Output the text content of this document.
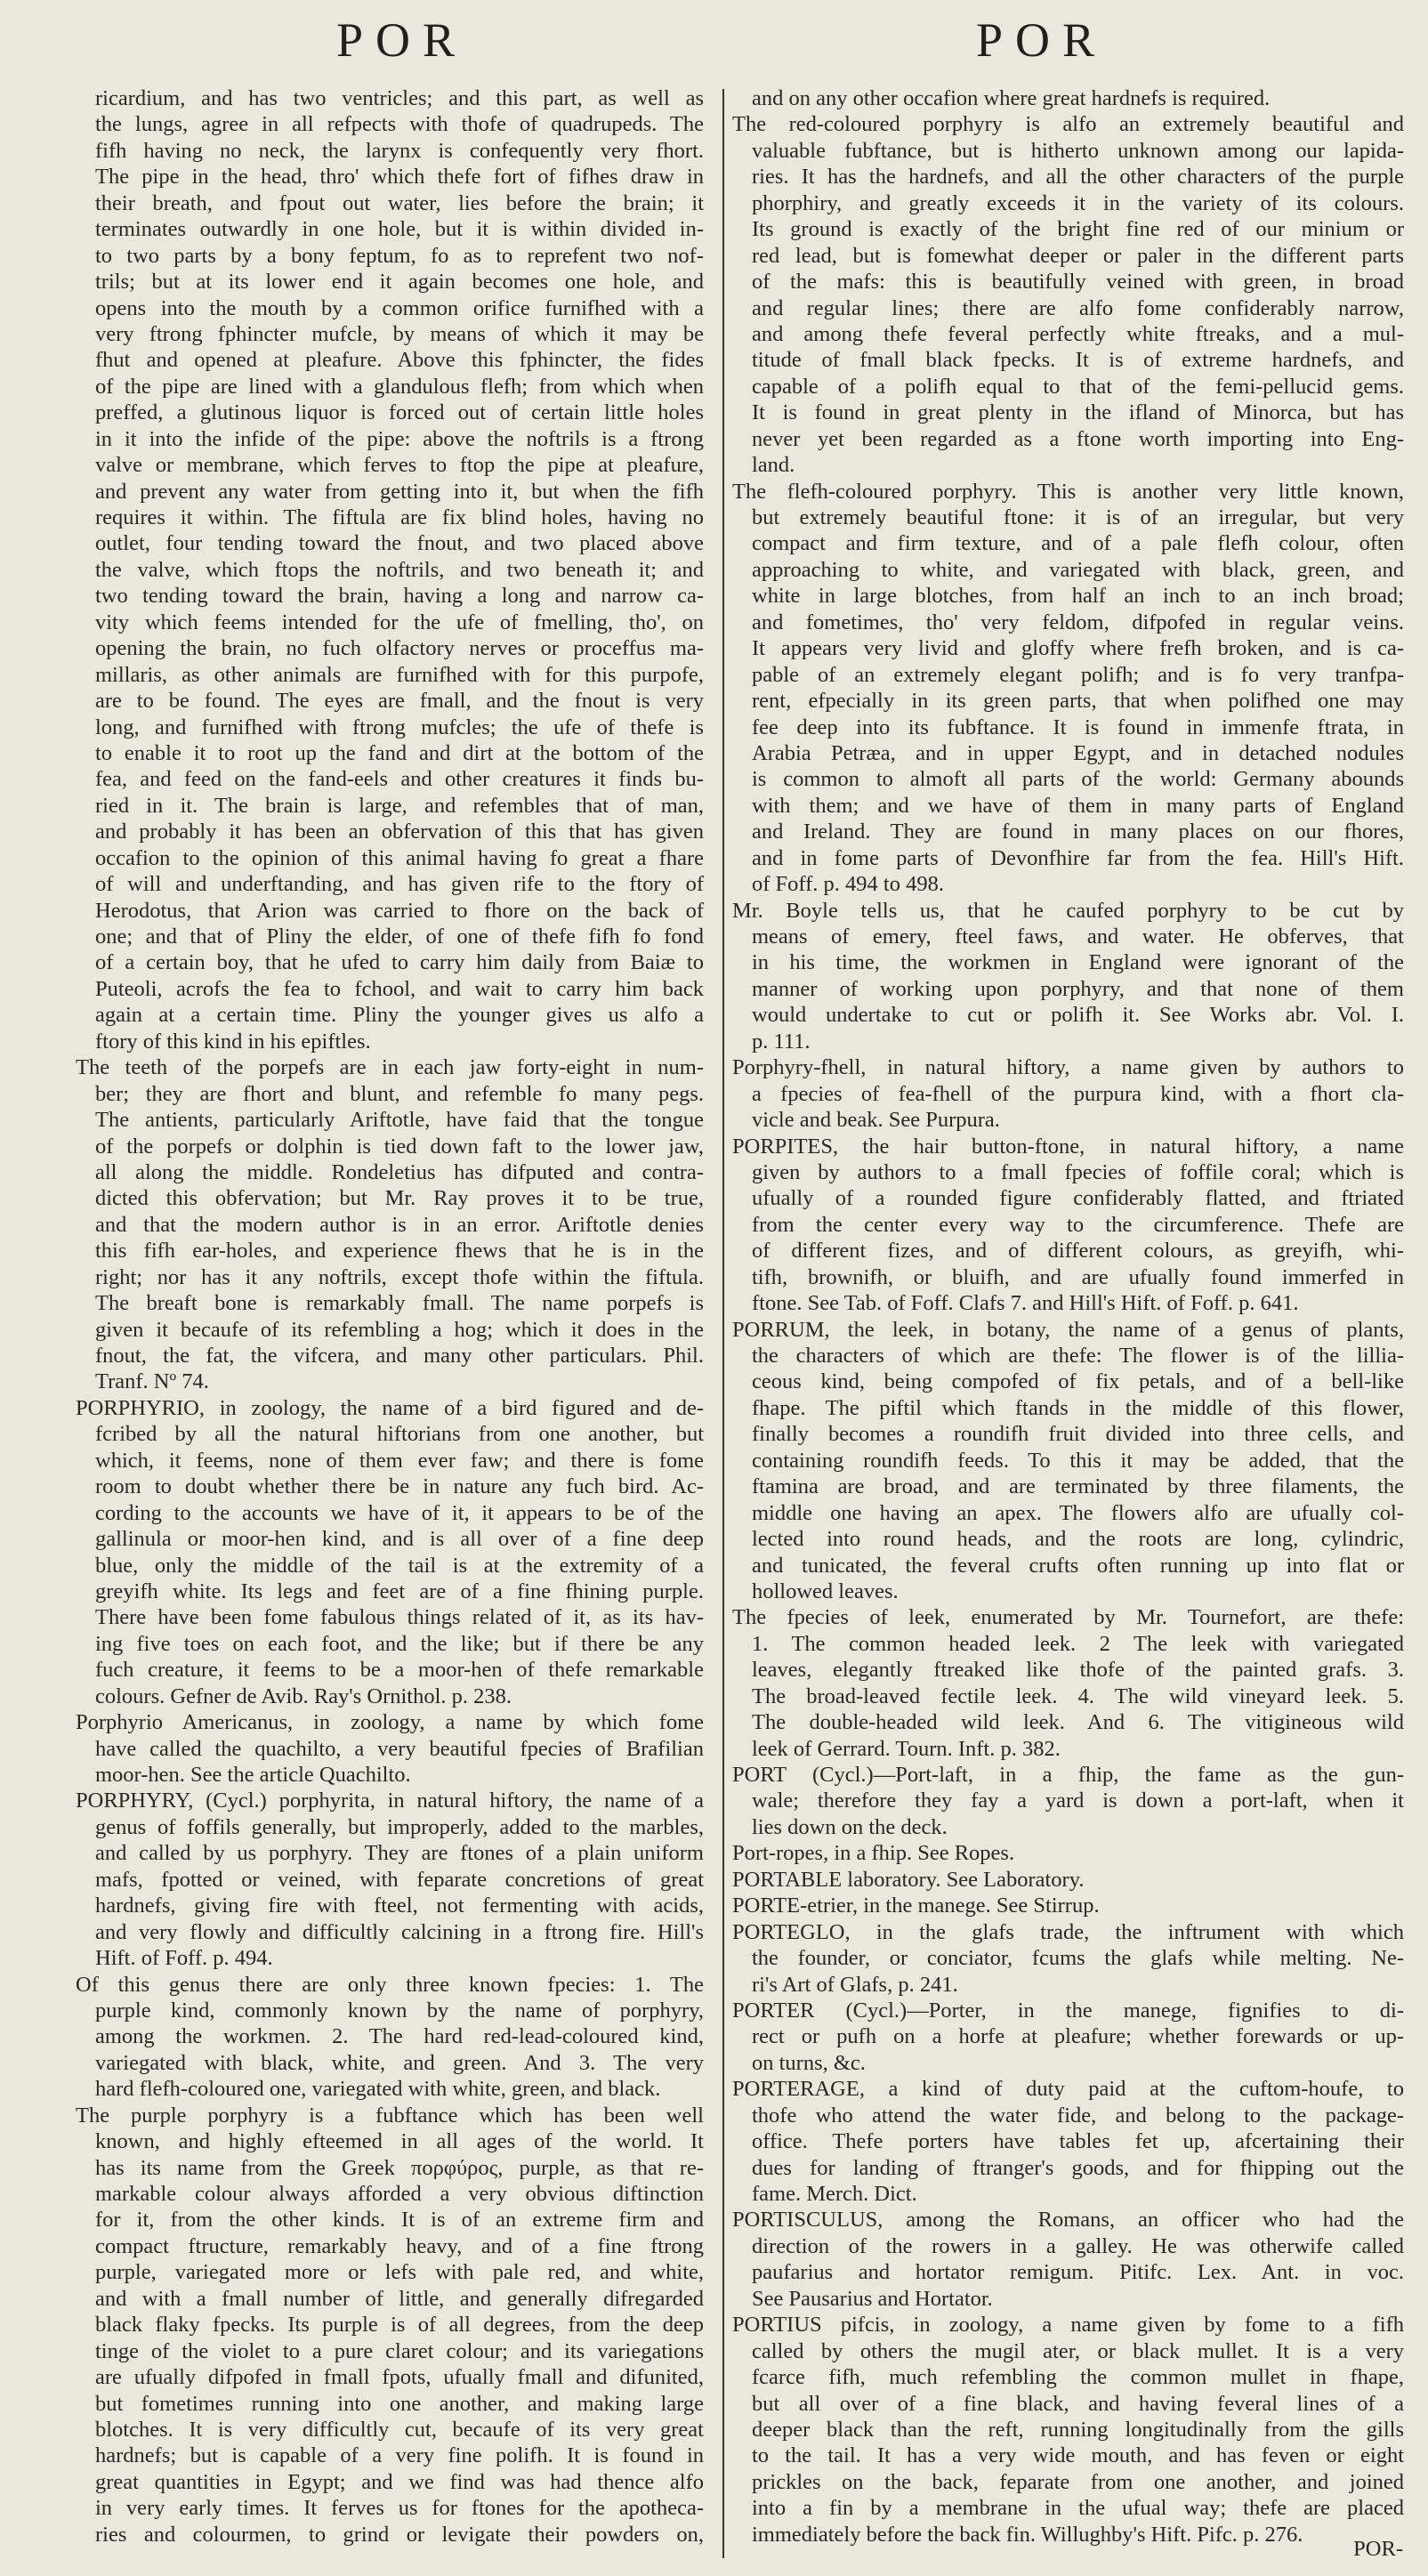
POR	POR
ricardium, and has two ventricles; and this part, as well as
the lungs, agree in all refpects with thofe of quadrupeds. The
fifh having no neck, the larynx is confequently very fhort.
The pipe in the head, thro' which thefe fort of fifhes draw in
their breath, and fpout out water, lies before the brain; it
terminates outwardly in one hole, but it is within divided in-
to two parts by a bony feptum, fo as to reprefent two nof-
trils; but at its lower end it again becomes one hole, and
opens into the mouth by a common orifice furnifhed with a
very ftrong fphincter mufcle, by means of which it may be
fhut and opened at pleafure. Above this fphincter, the fides
of the pipe are lined with a glandulous flefh; from which when
preffed, a glutinous liquor is forced out of certain little holes
in it into the infide of the pipe: above the noftrils is a ftrong
valve or membrane, which ferves to ftop the pipe at pleafure,
and prevent any water from getting into it, but when the fifh
requires it within. The fiftula are fix blind holes, having no
outlet, four tending toward the fnout, and two placed above
the valve, which ftops the noftrils, and two beneath it; and
two tending toward the brain, having a long and narrow ca-
vity which feems intended for the ufe of fmelling, tho', on
opening the brain, no fuch olfactory nerves or proceffus ma-
millaris, as other animals are furnifhed with for this purpofe,
are to be found. The eyes are fmall, and the fnout is very
long, and furnifhed with ftrong mufcles; the ufe of thefe is
to enable it to root up the fand and dirt at the bottom of the
fea, and feed on the fand-eels and other creatures it finds bu-
ried in it. The brain is large, and refembles that of man,
and probably it has been an obfervation of this that has given
occafion to the opinion of this animal having fo great a fhare
of will and underftanding, and has given rife to the ftory of
Herodotus, that Arion was carried to fhore on the back of
one; and that of Pliny the elder, of one of thefe fifh fo fond
of a certain boy, that he ufed to carry him daily from Baiæ to
Puteoli, acrofs the fea to fchool, and wait to carry him back
again at a certain time. Pliny the younger gives us alfo a
ftory of this kind in his epiftles.
The teeth of the porpefs are in each jaw forty-eight in num-
ber; they are fhort and blunt, and refemble fo many pegs.
The antients, particularly Ariftotle, have faid that the tongue
of the porpefs or dolphin is tied down faft to the lower jaw,
all along the middle. Rondeletius has difputed and contra-
dicted this obfervation; but Mr. Ray proves it to be true,
and that the modern author is in an error. Ariftotle denies
this fifh ear-holes, and experience fhews that he is in the
right; nor has it any noftrils, except thofe within the fiftula.
The breaft bone is remarkably fmall. The name porpefs is
given it becaufe of its refembling a hog; which it does in the
fnout, the fat, the vifcera, and many other particulars. Phil.
Tranf. Nº 74.
PORPHYRIO, in zoology, the name of a bird figured and de-
fcribed by all the natural hiftorians from one another, but
which, it feems, none of them ever faw; and there is fome
room to doubt whether there be in nature any fuch bird. Ac-
cording to the accounts we have of it, it appears to be of the
gallinula or moor-hen kind, and is all over of a fine deep
blue, only the middle of the tail is at the extremity of a
greyifh white. Its legs and feet are of a fine fhining purple.
There have been fome fabulous things related of it, as its hav-
ing five toes on each foot, and the like; but if there be any
fuch creature, it feems to be a moor-hen of thefe remarkable
colours. Gefner de Avib. Ray's Ornithol. p. 238.
Porphyrio Americanus, in zoology, a name by which fome
have called the quachilto, a very beautiful fpecies of Brafilian
moor-hen. See the article Quachilto.
PORPHYRY, (Cycl.) porphyrita, in natural hiftory, the name of a
genus of foffils generally, but improperly, added to the marbles,
and called by us porphyry. They are ftones of a plain uniform
mafs, fpotted or veined, with feparate concretions of great
hardnefs, giving fire with fteel, not fermenting with acids,
and very flowly and difficultly calcining in a ftrong fire. Hill's
Hift. of Foff. p. 494.
Of this genus there are only three known fpecies: 1. The
purple kind, commonly known by the name of porphyry,
among the workmen. 2. The hard red-lead-coloured kind,
variegated with black, white, and green. And 3. The very
hard flefh-coloured one, variegated with white, green, and black.
The purple porphyry is a fubftance which has been well
known, and highly efteemed in all ages of the world. It
has its name from the Greek πορφύρος, purple, as that re-
markable colour always afforded a very obvious diftinction
for it, from the other kinds. It is of an extreme firm and
compact ftructure, remarkably heavy, and of a fine ftrong
purple, variegated more or lefs with pale red, and white,
and with a fmall number of little, and generally difregarded
black flaky fpecks. Its purple is of all degrees, from the deep
tinge of the violet to a pure claret colour; and its variegations
are ufually difpofed in fmall fpots, ufually fmall and difunited,
but fometimes running into one another, and making large
blotches. It is very difficultly cut, becaufe of its very great
hardnefs; but is capable of a very fine polifh. It is found in
great quantities in Egypt; and we find was had thence alfo
in very early times. It ferves us for ftones for the apotheca-
ries and colourmen, to grind or levigate their powders on,
and on any other occafion where great hardnefs is required.
The red-coloured porphyry is alfo an extremely beautiful and
valuable fubftance, but is hitherto unknown among our lapida-
ries. It has the hardnefs, and all the other characters of the purple
phorphiry, and greatly exceeds it in the variety of its colours.
Its ground is exactly of the bright fine red of our minium or
red lead, but is fomewhat deeper or paler in the different parts
of the mafs: this is beautifully veined with green, in broad
and regular lines; there are alfo fome confiderably narrow,
and among thefe feveral perfectly white ftreaks, and a mul-
titude of fmall black fpecks. It is of extreme hardnefs, and
capable of a polifh equal to that of the femi-pellucid gems.
It is found in great plenty in the ifland of Minorca, but has
never yet been regarded as a ftone worth importing into Eng-
land.
The flefh-coloured porphyry. This is another very little known,
but extremely beautiful ftone: it is of an irregular, but very
compact and firm texture, and of a pale flefh colour, often
approaching to white, and variegated with black, green, and
white in large blotches, from half an inch to an inch broad;
and fometimes, tho' very feldom, difpofed in regular veins.
It appears very livid and gloffy where frefh broken, and is ca-
pable of an extremely elegant polifh; and is fo very tranfpa-
rent, efpecially in its green parts, that when polifhed one may
fee deep into its fubftance. It is found in immenfe ftrata, in
Arabia Petræa, and in upper Egypt, and in detached nodules
is common to almoft all parts of the world: Germany abounds
with them; and we have of them in many parts of England
and Ireland. They are found in many places on our fhores,
and in fome parts of Devonfhire far from the fea. Hill's Hift.
of Foff. p. 494 to 498.
Mr. Boyle tells us, that he caufed porphyry to be cut by
means of emery, fteel faws, and water. He obferves, that
in his time, the workmen in England were ignorant of the
manner of working upon porphyry, and that none of them
would undertake to cut or polifh it. See Works abr. Vol. I.
p. 111.
Porphyry-fhell, in natural hiftory, a name given by authors to
a fpecies of fea-fhell of the purpura kind, with a fhort cla-
vicle and beak. See Purpura.
PORPITES, the hair button-ftone, in natural hiftory, a name
given by authors to a fmall fpecies of foffile coral; which is
ufually of a rounded figure confiderably flatted, and ftriated
from the center every way to the circumference. Thefe are
of different fizes, and of different colours, as greyifh, whi-
tifh, brownifh, or bluifh, and are ufually found immerfed in
ftone. See Tab. of Foff. Clafs 7. and Hill's Hift. of Foff. p. 641.
PORRUM, the leek, in botany, the name of a genus of plants,
the characters of which are thefe: The flower is of the lillia-
ceous kind, being compofed of fix petals, and of a bell-like
fhape. The piftil which ftands in the middle of this flower,
finally becomes a roundifh fruit divided into three cells, and
containing roundifh feeds. To this it may be added, that the
ftamina are broad, and are terminated by three filaments, the
middle one having an apex. The flowers alfo are ufually col-
lected into round heads, and the roots are long, cylindric,
and tunicated, the feveral crufts often running up into flat or
hollowed leaves.
The fpecies of leek, enumerated by Mr. Tournefort, are thefe:
1. The common headed leek. 2 The leek with variegated
leaves, elegantly ftreaked like thofe of the painted grafs. 3.
The broad-leaved fectile leek. 4. The wild vineyard leek. 5.
The double-headed wild leek. And 6. The vitigineous wild
leek of Gerrard. Tourn. Inft. p. 382.
PORT (Cycl.)—Port-laft, in a fhip, the fame as the gun-
wale; therefore they fay a yard is down a port-laft, when it
lies down on the deck.
Port-ropes, in a fhip. See Ropes.
PORTABLE laboratory. See Laboratory.
PORTE-etrier, in the manege. See Stirrup.
PORTEGLO, in the glafs trade, the inftrument with which
the founder, or conciator, fcums the glafs while melting. Ne-
ri's Art of Glafs, p. 241.
PORTER (Cycl.)—Porter, in the manege, fignifies to di-
rect or pufh on a horfe at pleafure; whether forewards or up-
on turns, &c.
PORTERAGE, a kind of duty paid at the cuftom-houfe, to
thofe who attend the water fide, and belong to the package-
office. Thefe porters have tables fet up, afcertaining their
dues for landing of ftranger's goods, and for fhipping out the
fame. Merch. Dict.
PORTISCULUS, among the Romans, an officer who had the
direction of the rowers in a galley. He was otherwife called
paufarius and hortator remigum. Pitifc. Lex. Ant. in voc.
See Pausarius and Hortator.
PORTIUS pifcis, in zoology, a name given by fome to a fifh
called by others the mugil ater, or black mullet. It is a very
fcarce fifh, much refembling the common mullet in fhape,
but all over of a fine black, and having feveral lines of a
deeper black than the reft, running longitudinally from the gills
to the tail. It has a very wide mouth, and has feven or eight
prickles on the back, feparate from one another, and joined
into a fin by a membrane in the ufual way; thefe are placed
immediately before the back fin. Willughby's Hift. Pifc. p. 276.
POR-
